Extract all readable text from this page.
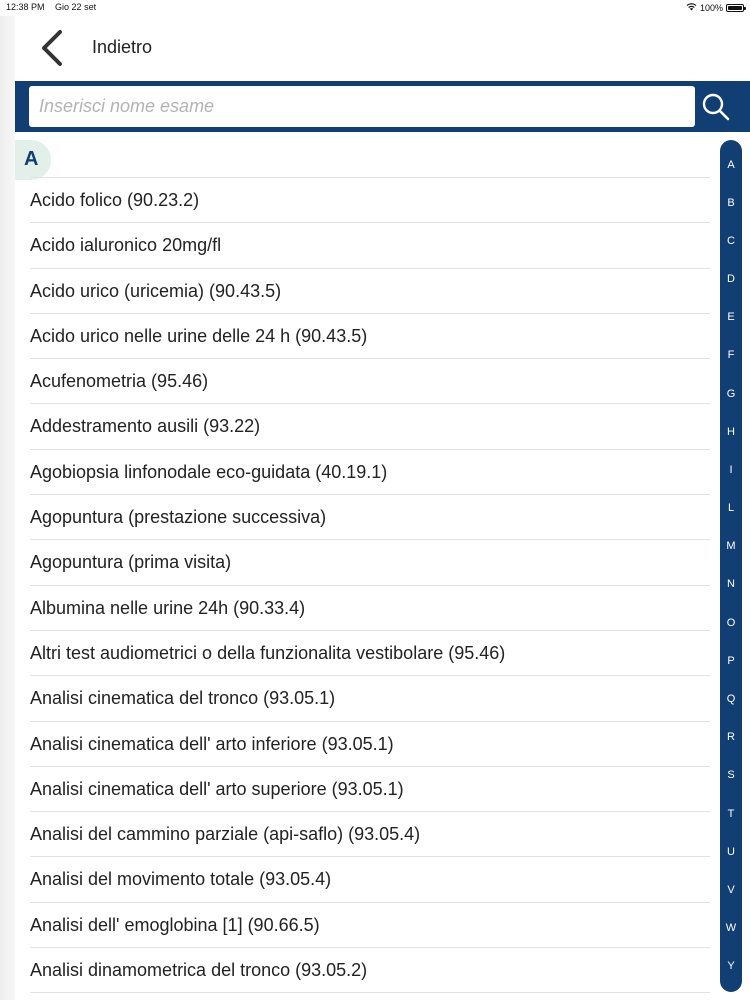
12:38 PM Gio 22 set	100%
Indietro
Inserisci nome esame
A
Acido folico (90.23.2)
Acido ialuronico 20mg/fl
Acido urico (uricemia) (90.43.5)
Acido urico nelle urine delle 24 h (90.43.5)
Acufenometria (95.46)
Addestramento ausili (93.22)
Agobiopsia linfonodale eco-guidata (40.19.1)
Agopuntura (prestazione successiva)
Agopuntura (prima visita)
Albumina nelle urine 24h (90.33.4)
Altri test audiometrici o della funzionalita vestibolare (95.46)
Analisi cinematica del tronco (93.05.1)
Analisi cinematica dell' arto inferiore (93.05.1)
Analisi cinematica dell' arto superiore (93.05.1)
Analisi del cammino parziale (api-saflo) (93.05.4)
Analisi del movimento totale (93.05.4)
Analisi dell' emoglobina [1] (90.66.5)
Analisi dinamometrica del tronco (93.05.2)
A
B
C
D
E
F
G
H
I
L
M
N
O
P
Q
R
S
T
U
V
W
Y
